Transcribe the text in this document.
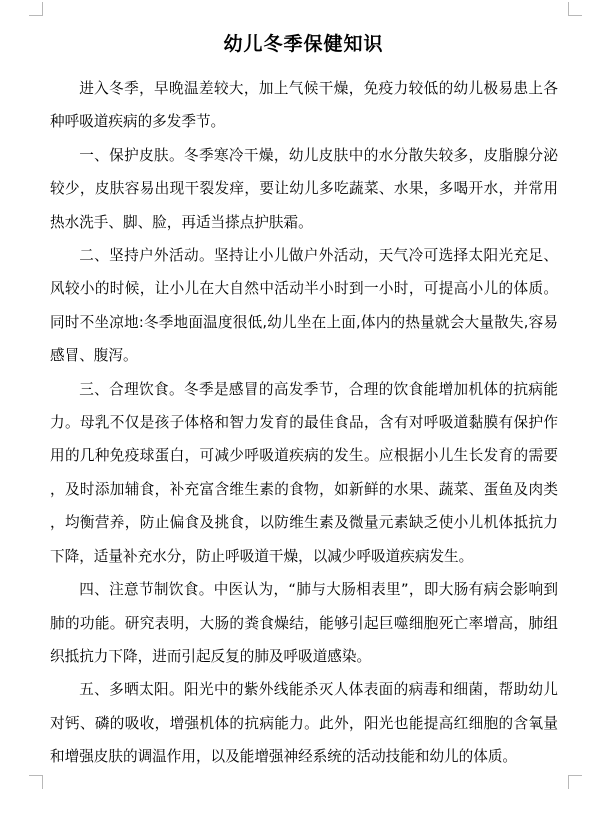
幼儿冬季保健知识

进入冬季，早晚温差较大，加上气候干燥，免疫力较低的幼儿极易患上各种呼吸道疾病的多发季节。

一、保护皮肤。冬季寒冷干燥，幼儿皮肤中的水分散失较多，皮脂腺分泌较少，皮肤容易出现干裂发痒，要让幼儿多吃蔬菜、水果，多喝开水，并常用热水洗手、脚、脸，再适当搽点护肤霜。

二、坚持户外活动。坚持让小儿做户外活动，天气冷可选择太阳光充足、风较小的时候，让小儿在大自然中活动半小时到一小时，可提高小儿的体质。同时不坐凉地:冬季地面温度很低,幼儿坐在上面,体内的热量就会大量散失,容易感冒、腹泻。

三、合理饮食。冬季是感冒的高发季节，合理的饮食能增加机体的抗病能力。母乳不仅是孩子体格和智力发育的最佳食品，含有对呼吸道黏膜有保护作用的几种免疫球蛋白，可减少呼吸道疾病的发生。应根据小儿生长发育的需要，及时添加辅食，补充富含维生素的食物，如新鲜的水果、蔬菜、蛋鱼及肉类，均衡营养，防止偏食及挑食，以防维生素及微量元素缺乏使小儿机体抵抗力下降，适量补充水分，防止呼吸道干燥，以减少呼吸道疾病发生。

四、注意节制饮食。中医认为，“肺与大肠相表里”，即大肠有病会影响到肺的功能。研究表明，大肠的粪食燥结，能够引起巨噬细胞死亡率增高，肺组织抵抗力下降，进而引起反复的肺及呼吸道感染。

五、多晒太阳。阳光中的紫外线能杀灭人体表面的病毒和细菌，帮助幼儿对钙、磷的吸收，增强机体的抗病能力。此外，阳光也能提高红细胞的含氧量和增强皮肤的调温作用，以及能增强神经系统的活动技能和幼儿的体质。
